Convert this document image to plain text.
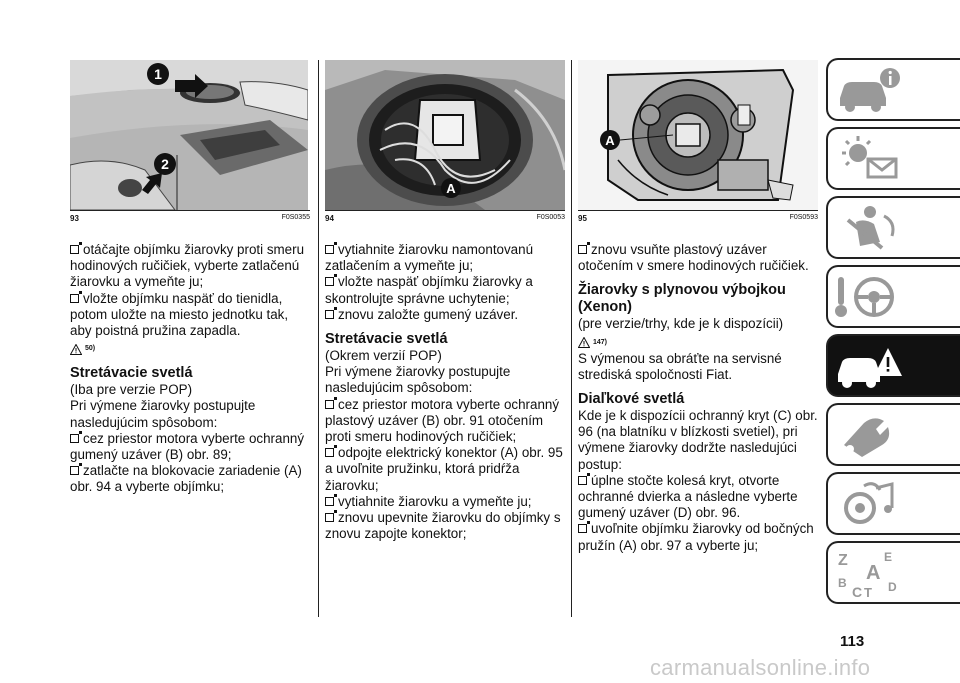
1
2
93	F0S0355

otáčajte objímku žiarovky proti smeru hodinových ručičiek, vyberte zatlačenú žiarovku a vymeňte ju;

vložte objímku naspäť do tienidla, potom uložte na miesto jednotku tak, aby poistná pružina zapadla.

50)
Stretávacie svetlá

(Iba pre verzie POP)

Pri výmene žiarovky postupujte nasledujúcim spôsobom:

cez priestor motora vyberte ochranný gumený uzáver (B) obr. 89;

zatlačte na blokovacie zariadenie (A) obr. 94 a vyberte objímku;

A
94	F0S0053

vytiahnite žiarovku namontovanú zatlačením a vymeňte ju;

vložte naspäť objímku žiarovky a skontrolujte správne uchytenie;

znovu založte gumený uzáver.

Stretávacie svetlá

(Okrem verzií POP)

Pri výmene žiarovky postupujte nasledujúcim spôsobom:

cez priestor motora vyberte ochranný plastový uzáver (B) obr. 91 otočením proti smeru hodinových ručičiek;

odpojte elektrický konektor (A) obr. 95 a uvoľnite pružinku, ktorá pridŕža žiarovku;

vytiahnite žiarovku a vymeňte ju;

znovu upevnite žiarovku do objímky s znovu zapojte konektor;

A
95	F0S0593

znovu vsuňte plastový uzáver otočením v smere hodinových ručičiek.

Žiarovky s plynovou výbojkou (Xenon)

(pre verzie/trhy, kde je k dispozícii)

147)

S výmenou sa obráťte na servisné strediská spoločnosti Fiat.

Diaľkové svetlá

Kde je k dispozícii ochranný kryt (C) obr. 96 (na blatníku v blízkosti svetiel), pri výmene žiarovky dodržte nasledujúci postup:

úplne stočte kolesá kryt, otvorte ochranné dvierka a následne vyberte gumený uzáver (D) obr. 96.

uvoľnite objímku žiarovky od bočných pružín (A) obr. 97 a vyberte ju;

Z	E
A
B
C T D
113
carmanualsonline.info
